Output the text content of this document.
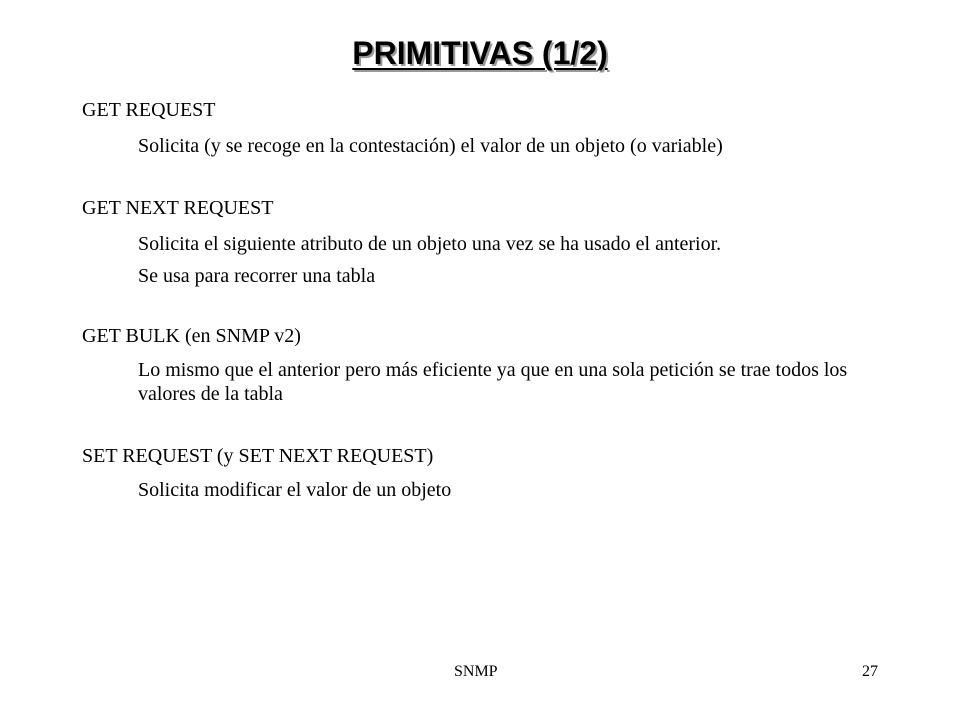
PRIMITIVAS (1/2)
GET REQUEST
Solicita (y se recoge en la contestación) el valor de un objeto (o variable)
GET NEXT REQUEST
Solicita el siguiente atributo de un objeto una vez se ha usado el anterior.
Se usa para recorrer una tabla
GET BULK (en SNMP v2)
Lo mismo que el anterior pero más eficiente ya que en una sola petición se trae todos los valores de la tabla
SET REQUEST (y SET NEXT REQUEST)
Solicita modificar el valor de un objeto
SNMP	27
